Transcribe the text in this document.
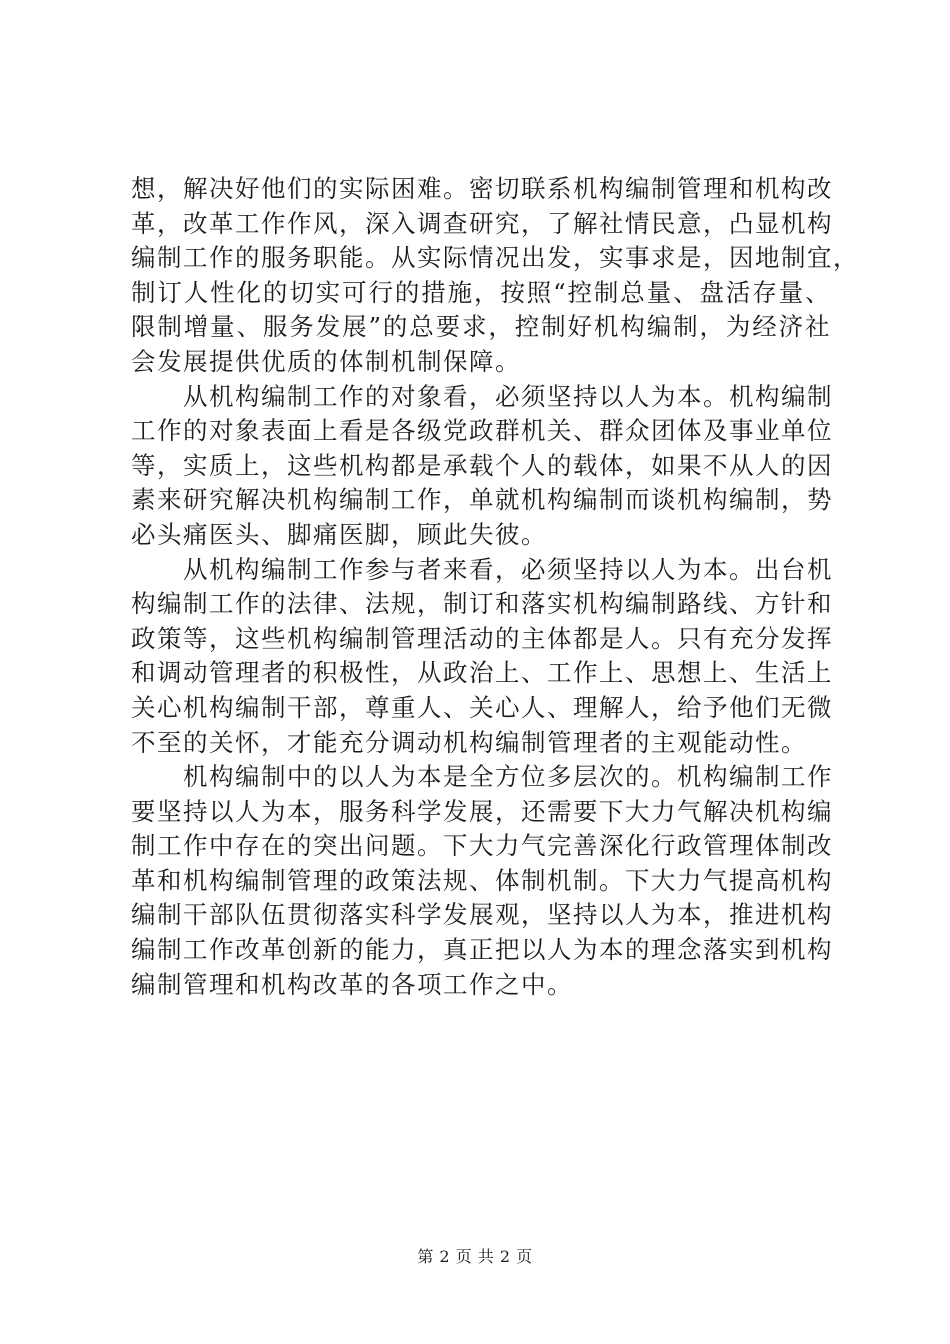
想，解决好他们的实际困难。密切联系机构编制管理和机构改
革，改革工作作风，深入调查研究，了解社情民意，凸显机构
编制工作的服务职能。从实际情况出发，实事求是，因地制宜，
制订人性化的切实可行的措施，按照“控制总量、盘活存量、
限制增量、服务发展”的总要求，控制好机构编制，为经济社
会发展提供优质的体制机制保障。
从机构编制工作的对象看，必须坚持以人为本。机构编制
工作的对象表面上看是各级党政群机关、群众团体及事业单位
等，实质上，这些机构都是承载个人的载体，如果不从人的因
素来研究解决机构编制工作，单就机构编制而谈机构编制，势
必头痛医头、脚痛医脚，顾此失彼。
从机构编制工作参与者来看，必须坚持以人为本。出台机
构编制工作的法律、法规，制订和落实机构编制路线、方针和
政策等，这些机构编制管理活动的主体都是人。只有充分发挥
和调动管理者的积极性，从政治上、工作上、思想上、生活上
关心机构编制干部，尊重人、关心人、理解人，给予他们无微
不至的关怀，才能充分调动机构编制管理者的主观能动性。
机构编制中的以人为本是全方位多层次的。机构编制工作
要坚持以人为本，服务科学发展，还需要下大力气解决机构编
制工作中存在的突出问题。下大力气完善深化行政管理体制改
革和机构编制管理的政策法规、体制机制。下大力气提高机构
编制干部队伍贯彻落实科学发展观，坚持以人为本，推进机构
编制工作改革创新的能力，真正把以人为本的理念落实到机构
编制管理和机构改革的各项工作之中。
第 2 页 共 2 页
